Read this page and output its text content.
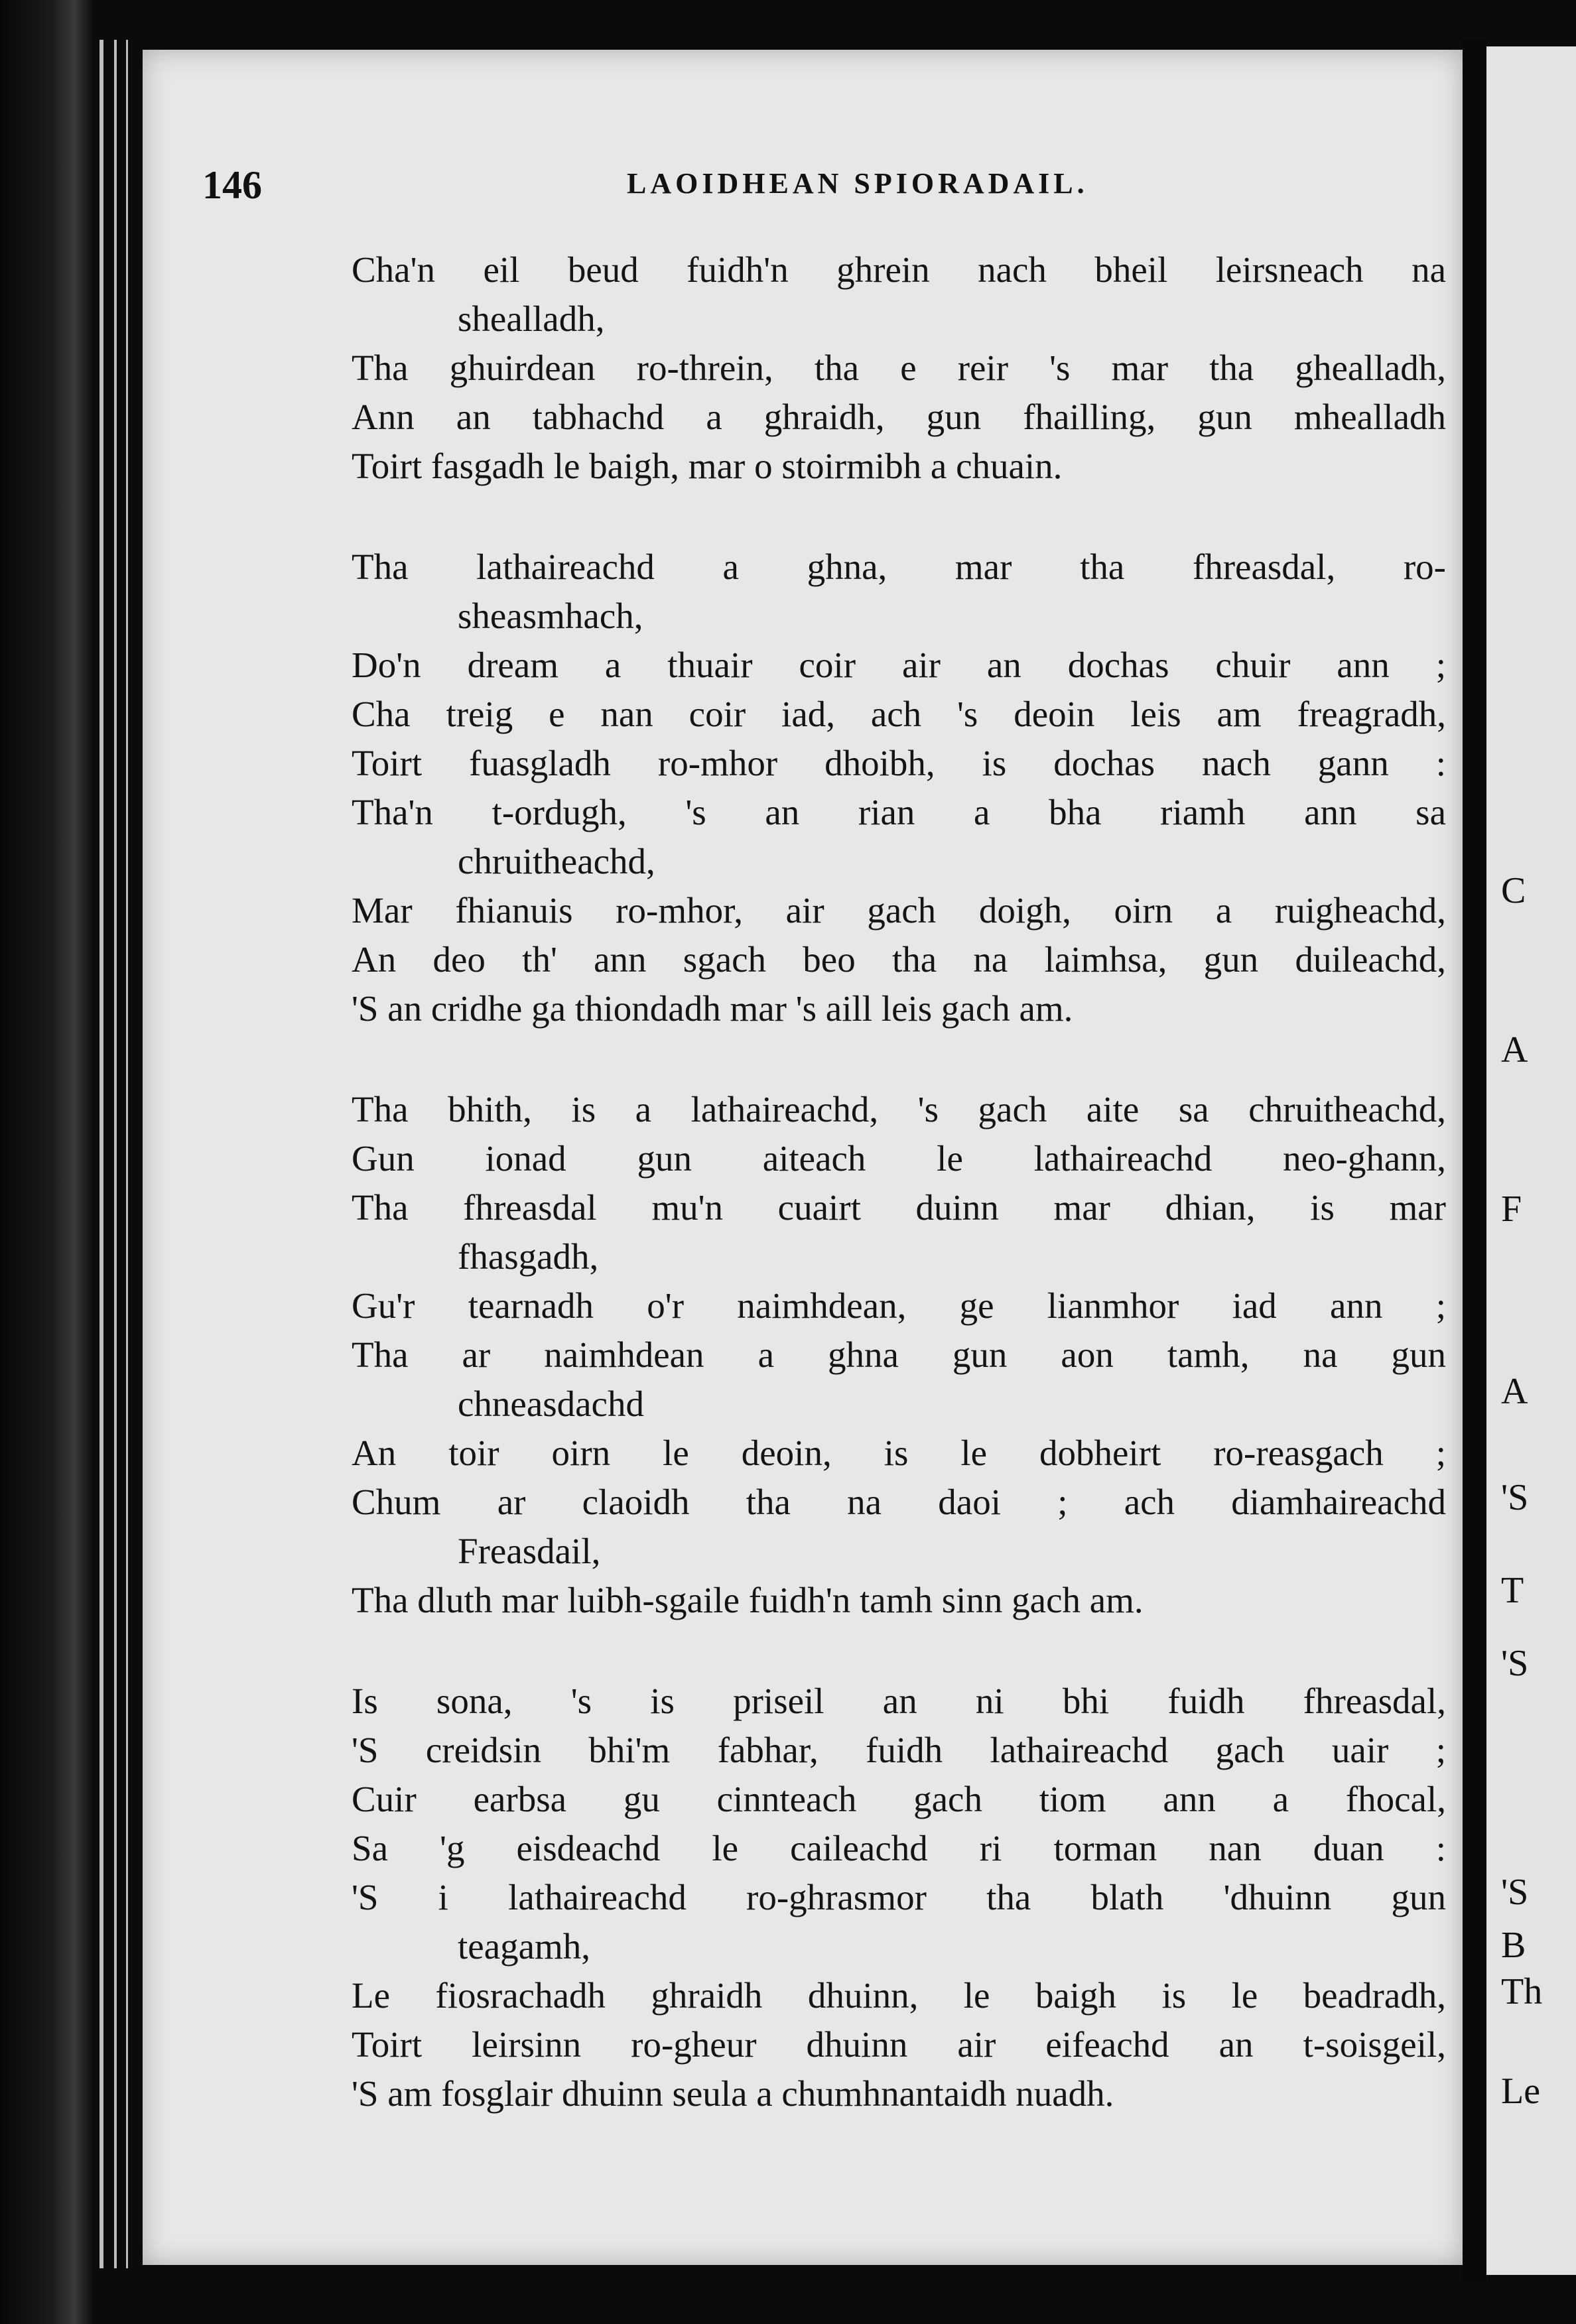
C
A
F
A
'S
T
'S
'S
B
Th
Le
146	LAOIDHEAN SPIORADAIL.
Cha'n eil beud fuidh'n ghrein nach bheil leirsneach na
shealladh,
Tha ghuirdean ro-threin, tha e reir 's mar tha ghealladh,
Ann an tabhachd a ghraidh, gun fhailling, gun mhealladh
Toirt fasgadh le baigh, mar o stoirmibh a chuain.
Tha lathaireachd a ghna, mar tha fhreasdal, ro-
sheasmhach,
Do'n dream a thuair coir air an dochas chuir ann ;
Cha treig e nan coir iad, ach 's deoin leis am freagradh,
Toirt fuasgladh ro-mhor dhoibh, is dochas nach gann :
Tha'n t-ordugh, 's an rian a bha riamh ann sa
chruitheachd,
Mar fhianuis ro-mhor, air gach doigh, oirn a ruigheachd,
An deo th' ann sgach beo tha na laimhsa, gun duileachd,
'S an cridhe ga thiondadh mar 's aill leis gach am.
Tha bhith, is a lathaireachd, 's gach aite sa chruitheachd,
Gun ionad gun aiteach le lathaireachd neo-ghann,
Tha fhreasdal mu'n cuairt duinn mar dhian, is mar
fhasgadh,
Gu'r tearnadh o'r naimhdean, ge lianmhor iad ann ;
Tha ar naimhdean a ghna gun aon tamh, na gun
chneasdachd
An toir oirn le deoin, is le dobheirt ro-reasgach ;
Chum ar claoidh tha na daoi ; ach diamhaireachd
Freasdail,
Tha dluth mar luibh-sgaile fuidh'n tamh sinn gach am.
Is sona, 's is priseil an ni bhi fuidh fhreasdal,
'S creidsin bhi'm fabhar, fuidh lathaireachd gach uair ;
Cuir earbsa gu cinnteach gach tiom ann a fhocal,
Sa 'g eisdeachd le caileachd ri torman nan duan :
'S i lathaireachd ro-ghrasmor tha blath 'dhuinn gun
teagamh,
Le fiosrachadh ghraidh dhuinn, le baigh is le beadradh,
Toirt leirsinn ro-gheur dhuinn air eifeachd an t-soisgeil,
'S am fosglair dhuinn seula a chumhnantaidh nuadh.
